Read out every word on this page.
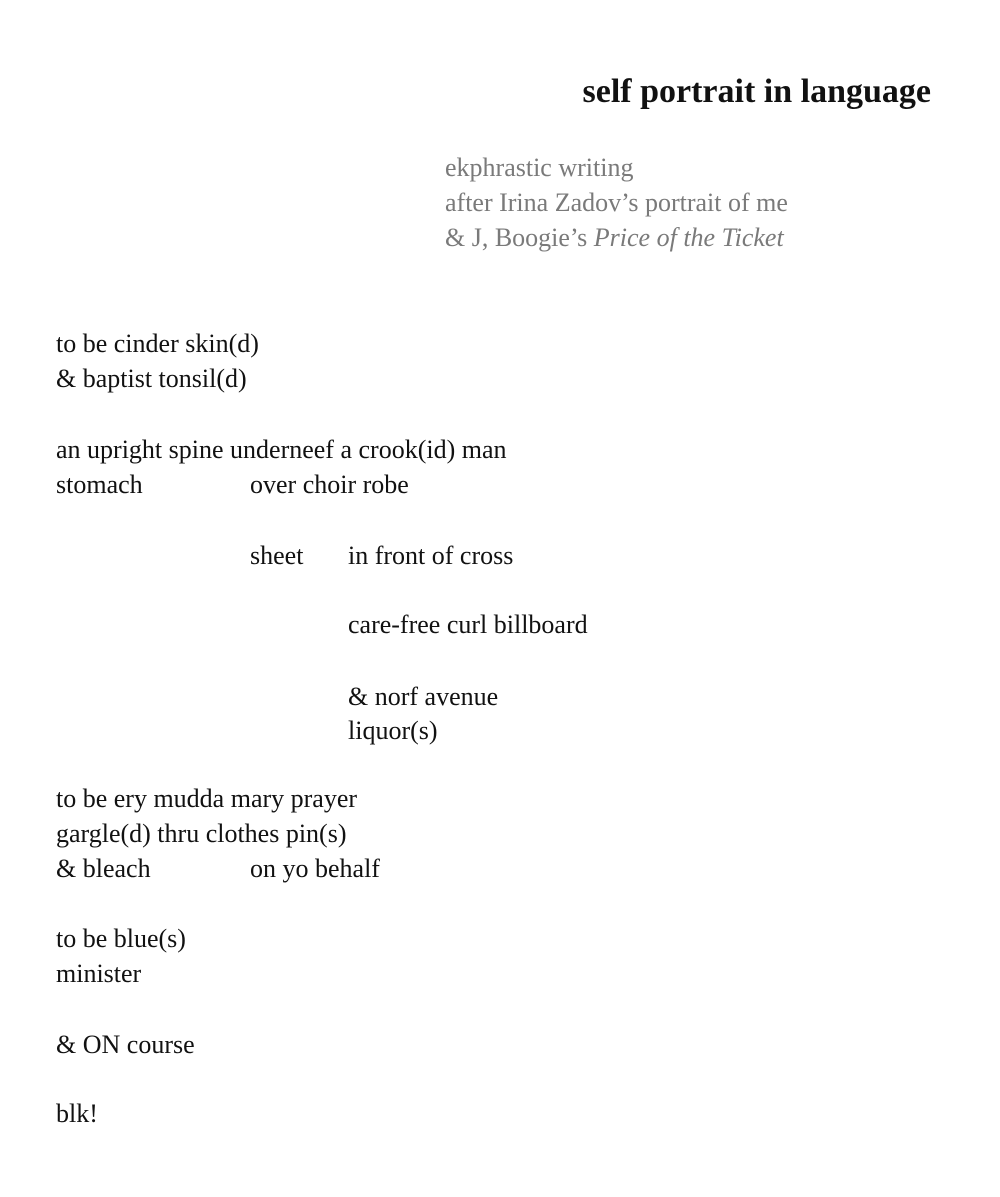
self portrait in language
ekphrastic writing
after Irina Zadov’s portrait of me
& J, Boogie’s Price of the Ticket
to be cinder skin(d)
& baptist tonsil(d)
an upright spine underneef a crook(id) man
stomach	over choir robe
sheet in front of cross
care-free curl billboard
& norf avenue
liquor(s)
to be ery mudda mary prayer
gargle(d) thru clothes pin(s)
& bleach	on yo behalf
to be blue(s)
minister
& ON course
blk!
